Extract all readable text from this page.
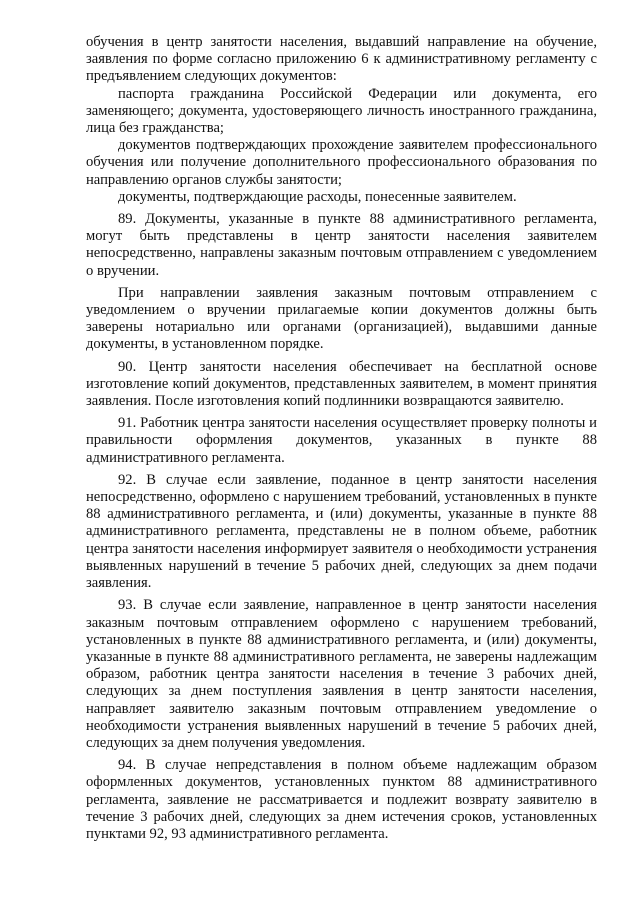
обучения в центр занятости населения, выдавший направление на обучение, заявления по форме согласно приложению 6 к административному регламенту с предъявлением следующих документов:

паспорта гражданина Российской Федерации или документа, его заменяющего; документа, удостоверяющего личность иностранного гражданина, лица без гражданства;

документов подтверждающих прохождение заявителем профессионального обучения или получение дополнительного профессионального образования по направлению органов службы занятости;

документы, подтверждающие расходы, понесенные заявителем.

89. Документы, указанные в пункте 88 административного регламента, могут быть представлены в центр занятости населения заявителем непосредственно, направлены заказным почтовым отправлением с уведомлением о вручении.

При направлении заявления заказным почтовым отправлением с уведомлением о вручении прилагаемые копии документов должны быть заверены нотариально или органами (организацией), выдавшими данные документы, в установленном порядке.

90. Центр занятости населения обеспечивает на бесплатной основе изготовление копий документов, представленных заявителем, в момент принятия заявления. После изготовления копий подлинники возвращаются заявителю.

91. Работник центра занятости населения осуществляет проверку полноты и правильности оформления документов, указанных в пункте 88 административного регламента.

92. В случае если заявление, поданное в центр занятости населения непосредственно, оформлено с нарушением требований, установленных в пункте 88 административного регламента, и (или) документы, указанные в пункте 88 административного регламента, представлены не в полном объеме, работник центра занятости населения информирует заявителя о необходимости устранения выявленных нарушений в течение 5 рабочих дней, следующих за днем подачи заявления.

93. В случае если заявление, направленное в центр занятости населения заказным почтовым отправлением оформлено с нарушением требований, установленных в пункте 88 административного регламента, и (или) документы, указанные в пункте 88 административного регламента, не заверены надлежащим образом, работник центра занятости населения в течение 3 рабочих дней, следующих за днем поступления заявления в центр занятости населения, направляет заявителю заказным почтовым отправлением уведомление о необходимости устранения выявленных нарушений в течение 5 рабочих дней, следующих за днем получения уведомления.

94. В случае непредставления в полном объеме надлежащим образом оформленных документов, установленных пунктом 88 административного регламента, заявление не рассматривается и подлежит возврату заявителю в течение 3 рабочих дней, следующих за днем истечения сроков, установленных пунктами 92, 93 административного регламента.
